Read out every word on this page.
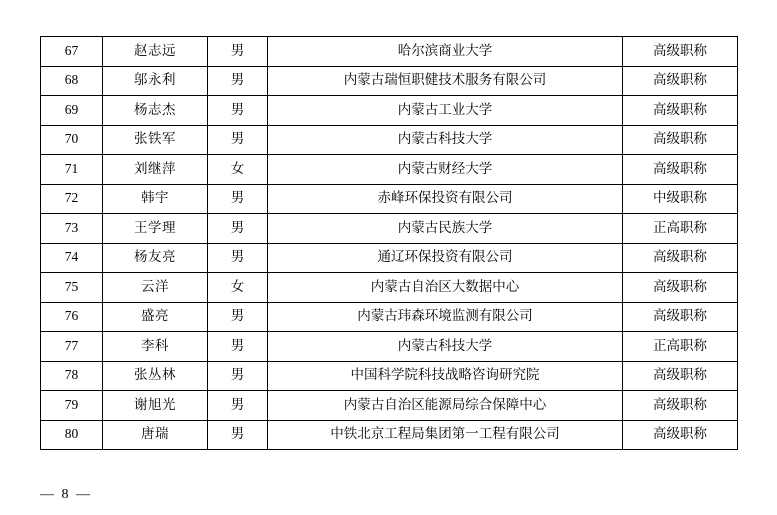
67	赵志远	男	哈尔滨商业大学	高级职称
68	邬永利	男	内蒙古瑞恒职健技术服务有限公司	高级职称
69	杨志杰	男	内蒙古工业大学	高级职称
70	张铁军	男	内蒙古科技大学	高级职称
71	刘继萍	女	内蒙古财经大学	高级职称
72	韩宇	男	赤峰环保投资有限公司	中级职称
73	王学理	男	内蒙古民族大学	正高职称
74	杨友亮	男	通辽环保投资有限公司	高级职称
75	云洋	女	内蒙古自治区大数据中心	高级职称
76	盛亮	男	内蒙古玮森环境监测有限公司	高级职称
77	李科	男	内蒙古科技大学	正高职称
78	张丛林	男	中国科学院科技战略咨询研究院	高级职称
79	谢旭光	男	内蒙古自治区能源局综合保障中心	高级职称
80	唐瑞	男	中铁北京工程局集团第一工程有限公司	高级职称
— 8 —
